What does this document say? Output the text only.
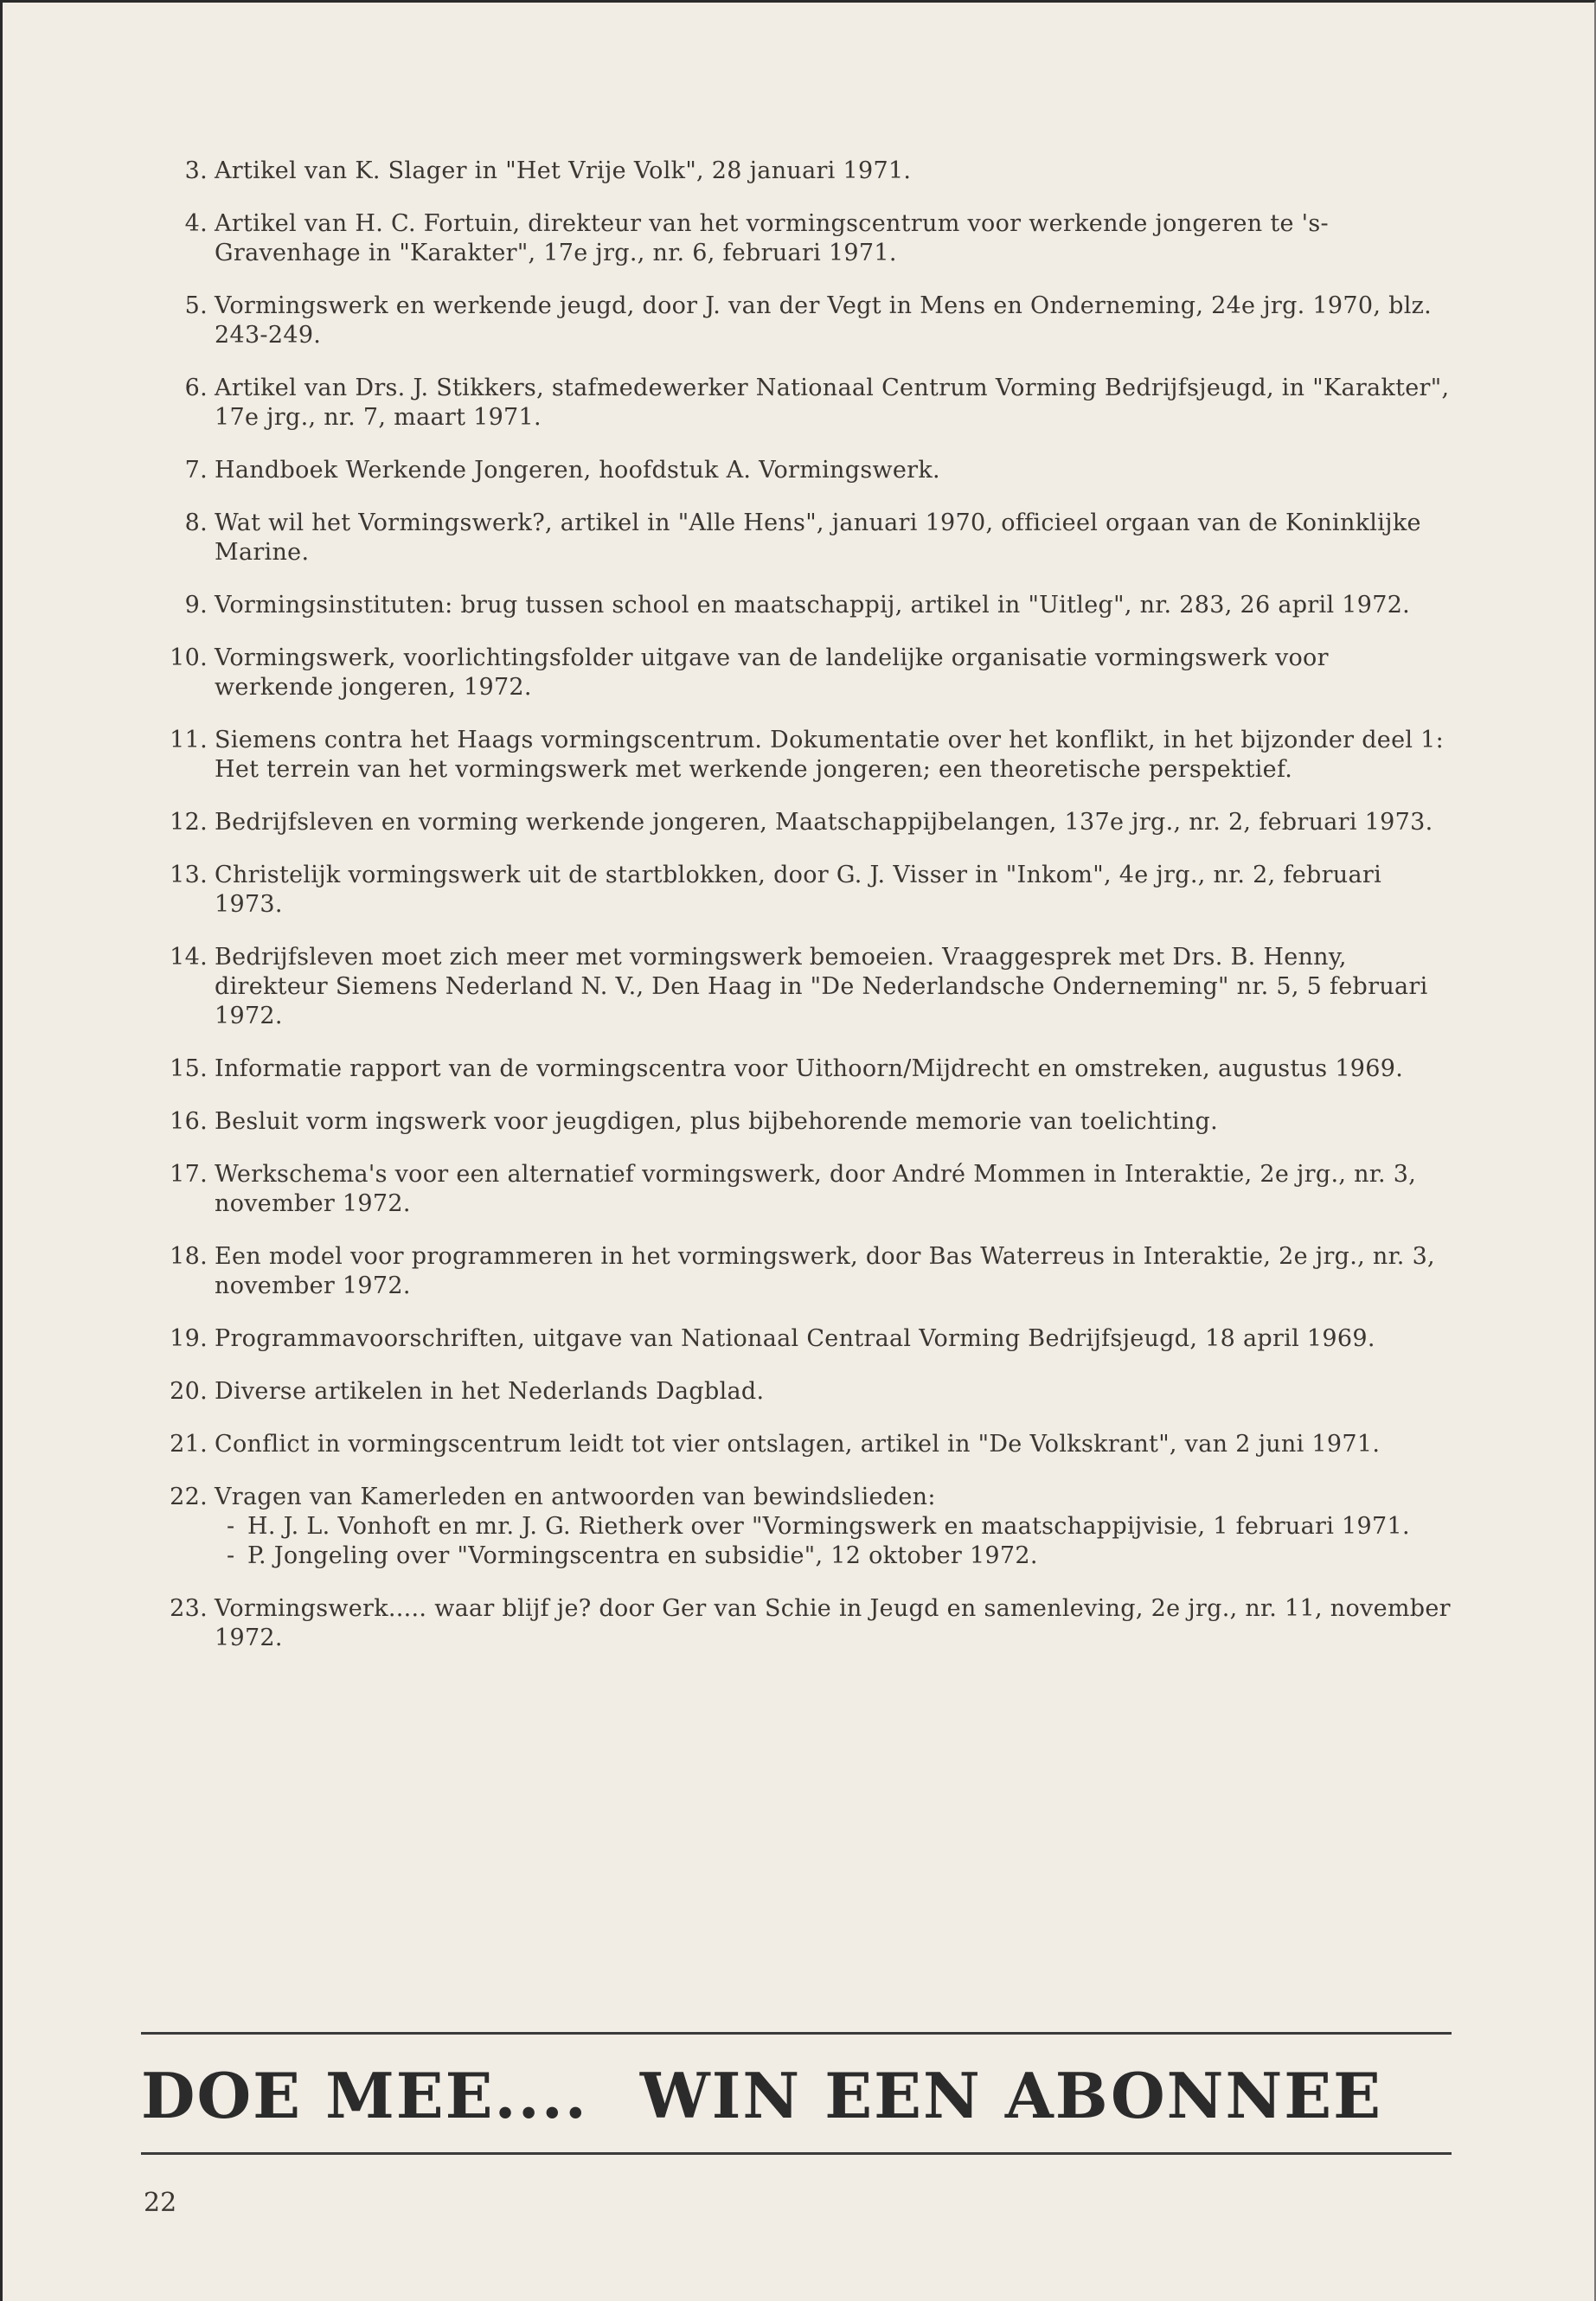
3. Artikel van K. Slager in "Het Vrije Volk", 28 januari 1971.
4. Artikel van H. C. Fortuin, direkteur van het vormingscentrum voor werkende jongeren te 's-Gravenhage in "Karakter", 17e jrg., nr. 6, februari 1971.
5. Vormingswerk en werkende jeugd, door J. van der Vegt in Mens en Onderneming, 24e jrg. 1970, blz. 243-249.
6. Artikel van Drs. J. Stikkers, stafmedewerker Nationaal Centrum Vorming Bedrijfsjeugd, in "Karakter", 17e jrg., nr. 7, maart 1971.
7. Handboek Werkende Jongeren, hoofdstuk A. Vormingswerk.
8. Wat wil het Vormingswerk?, artikel in "Alle Hens", januari 1970, officieel orgaan van de Koninklijke Marine.
9. Vormingsinstituten: brug tussen school en maatschappij, artikel in "Uitleg", nr. 283, 26 april 1972.
10. Vormingswerk, voorlichtingsfolder uitgave van de landelijke organisatie vormingswerk voor werkende jongeren, 1972.
11. Siemens contra het Haags vormingscentrum. Dokumentatie over het konflikt, in het bijzonder deel 1: Het terrein van het vormingswerk met werkende jongeren; een theoretische perspektief.
12. Bedrijfsleven en vorming werkende jongeren, Maatschappijbelangen, 137e jrg., nr. 2, februari 1973.
13. Christelijk vormingswerk uit de startblokken, door G. J. Visser in "Inkom", 4e jrg., nr. 2, februari 1973.
14. Bedrijfsleven moet zich meer met vormingswerk bemoeien. Vraaggesprek met Drs. B. Henny, direkteur Siemens Nederland N. V., Den Haag in "De Nederlandsche Onderneming" nr. 5, 5 februari 1972.
15. Informatie rapport van de vormingscentra voor Uithoorn/Mijdrecht en omstreken, augustus 1969.
16. Besluit vorm ingswerk voor jeugdigen, plus bijbehorende memorie van toelichting.
17. Werkschema's voor een alternatief vormingswerk, door André Mommen in Interaktie, 2e jrg., nr. 3, november 1972.
18. Een model voor programmeren in het vormingswerk, door Bas Waterreus in Interaktie, 2e jrg., nr. 3, november 1972.
19. Programmavoorschriften, uitgave van Nationaal Centraal Vorming Bedrijfsjeugd, 18 april 1969.
20. Diverse artikelen in het Nederlands Dagblad.
21. Conflict in vormingscentrum leidt tot vier ontslagen, artikel in "De Volkskrant", van 2 juni 1971.
22. Vragen van Kamerleden en antwoorden van bewindslieden:
- H. J. L. Vonhoft en mr. J. G. Rietherk over "Vormingswerk en maatschappijvisie, 1 februari 1971.
- P. Jongeling over "Vormingscentra en subsidie", 12 oktober 1972.
23. Vormingswerk..... waar blijf je? door Ger van Schie in Jeugd en samenleving, 2e jrg., nr. 11, november 1972.
DOE MEE.... WIN EEN ABONNEE
22
